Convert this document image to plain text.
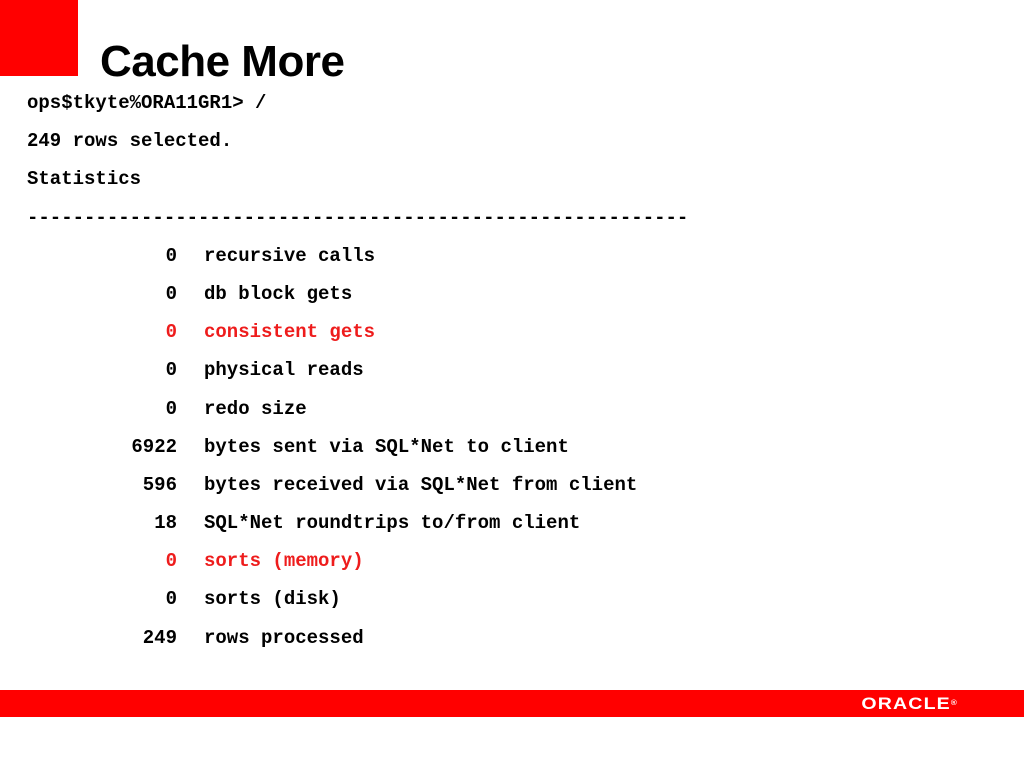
Cache More
ops$tkyte%ORA11GR1> /
249 rows selected.
Statistics
----------------------------------------------------------
0 recursive calls
0 db block gets
0 consistent gets
0 physical reads
0 redo size
6922 bytes sent via SQL*Net to client
596 bytes received via SQL*Net from client
18 SQL*Net roundtrips to/from client
0 sorts (memory)
0 sorts (disk)
249 rows processed
ORACLE®
